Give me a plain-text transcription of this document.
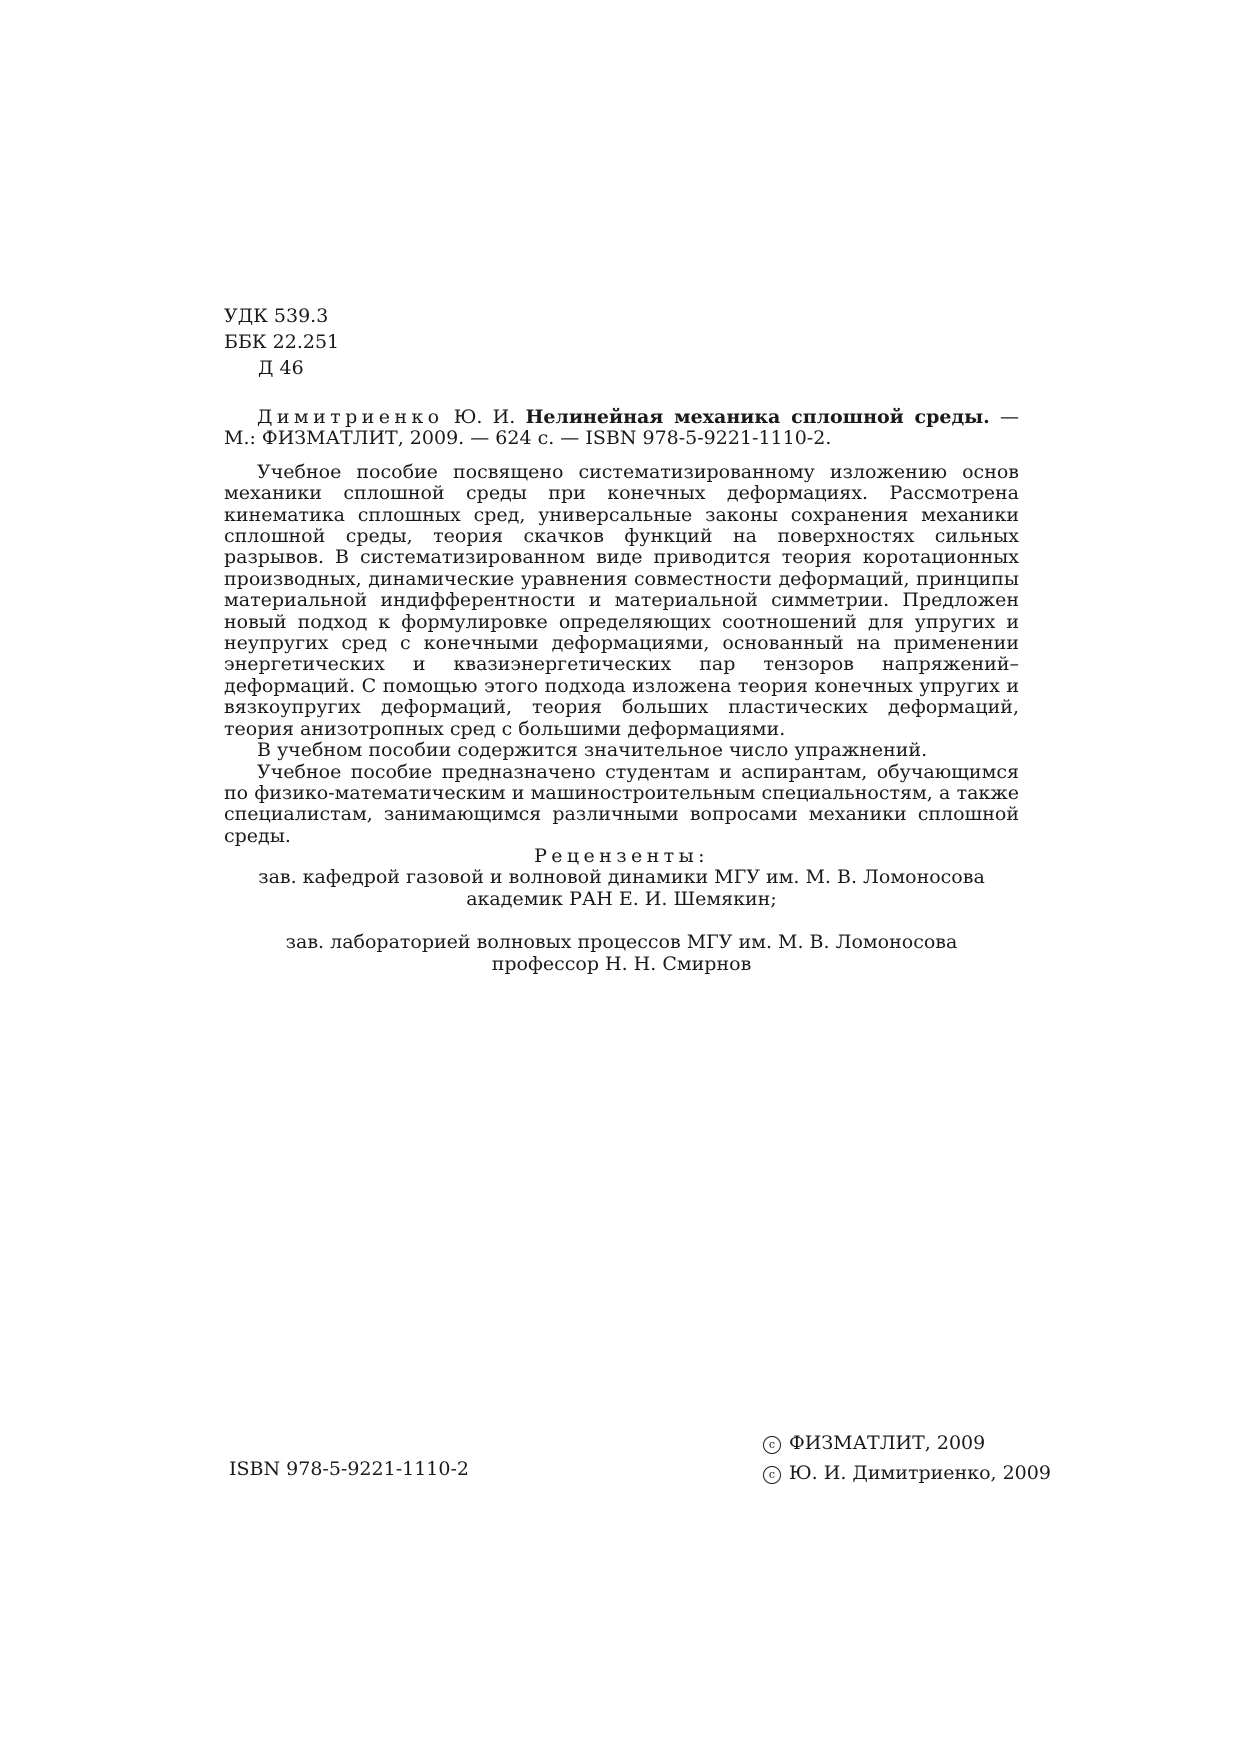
УДК 539.3
ББК 22.251
Д 46
Димитриенко Ю. И. Нелинейная механика сплошной среды. — М.: ФИЗМАТЛИТ, 2009. — 624 с. — ISBN 978-5-9221-1110-2.

Учебное пособие посвящено систематизированному изложению основ механики сплошной среды при конечных деформациях. Рассмотрена кинематика сплошных сред, универсальные законы сохранения механики сплошной среды, теория скачков функций на поверхностях сильных разрывов. В систематизированном виде приводится теория коротационных производных, динамические уравнения совместности деформаций, принципы материальной индифферентности и материальной симметрии. Предложен новый подход к формулировке определяющих соотношений для упругих и неупругих сред с конечными деформациями, основанный на применении энергетических и квазиэнергетических пар тензоров напряжений–деформаций. С помощью этого подхода изложена теория конечных упругих и вязкоупругих деформаций, теория больших пластических деформаций, теория анизотропных сред с большими деформациями.

В учебном пособии содержится значительное число упражнений.

Учебное пособие предназначено студентам и аспирантам, обучающимся по физико-математическим и машиностроительным специальностям, а также специалистам, занимающимся различными вопросами механики сплошной среды.

Рецензенты:
зав. кафедрой газовой и волновой динамики МГУ им. М. В. Ломоносова
академик РАН Е. И. Шемякин;
зав. лабораторией волновых процессов МГУ им. М. В. Ломоносова
профессор Н. Н. Смирнов
ISBN 978-5-9221-1110-2
c ФИЗМАТЛИТ, 2009
c Ю. И. Димитриенко, 2009
